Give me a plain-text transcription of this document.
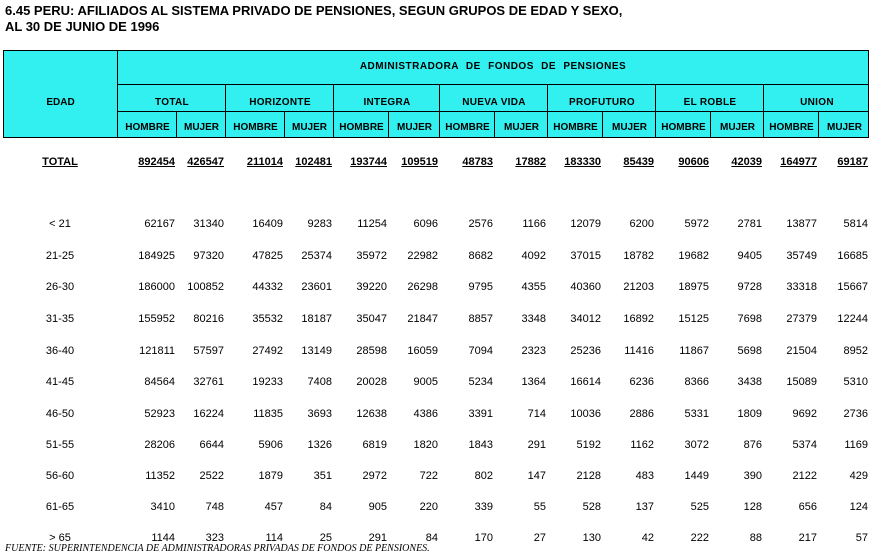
6.45 PERU: AFILIADOS AL SISTEMA PRIVADO DE PENSIONES, SEGUN GRUPOS DE EDAD Y SEXO,
AL 30 DE JUNIO DE 1996
EDAD
ADMINISTRADORA DE FONDOS DE PENSIONES
TOTAL	HORIZONTE	INTEGRA	NUEVA VIDA	PROFUTURO	EL ROBLE	UNION
HOMBRE	MUJER	HOMBRE	MUJER	HOMBRE	MUJER	HOMBRE	MUJER	HOMBRE	MUJER	HOMBRE	MUJER	HOMBRE	MUJER
TOTAL	892454 426547 211014 102481 193744 109519 48783 17882 183330 85439 90606 42039 164977 69187
< 21	62167 31340	16409 9283 11254 6096	2576	1166 12079	6200	5972	2781 13877 5814
21-25	184925 97320	47825 25374 35972 22982	8682	4092 37015 18782 19682	9405 35749 16685
26-30	186000 100852	44332 23601 39220 26298	9795	4355 40360 21203 18975	9728 33318 15667
31-35	155952 80216	35532 18187 35047 21847	8857	3348 34012 16892 15125	7698 27379 12244
36-40	121811 57597	27492 13149 28598 16059	7094	2323 25236 11416 11867	5698 21504 8952
41-45	84564 32761	19233 7408 20028 9005	5234	1364 16614	6236	8366	3438 15089 5310
46-50	52923 16224	11835 3693 12638 4386	3391	714 10036	2886	5331	1809	9692 2736
51-55	28206 6644	5906 1326	6819 1820	1843	291	5192	1162	3072	876	5374 1169
56-60	11352 2522	1879	351	2972	722	802	147	2128	483	1449	390	2122	429
61-65	3410	748	457	84	905	220	339	55	528	137	525	128	656	124
> 65	1144	323	114	25	291	84	170	27	130	42	222	88	217	57
FUENTE: SUPERINTENDENCIA DE ADMINISTRADORAS PRIVADAS DE FONDOS DE PENSIONES.
